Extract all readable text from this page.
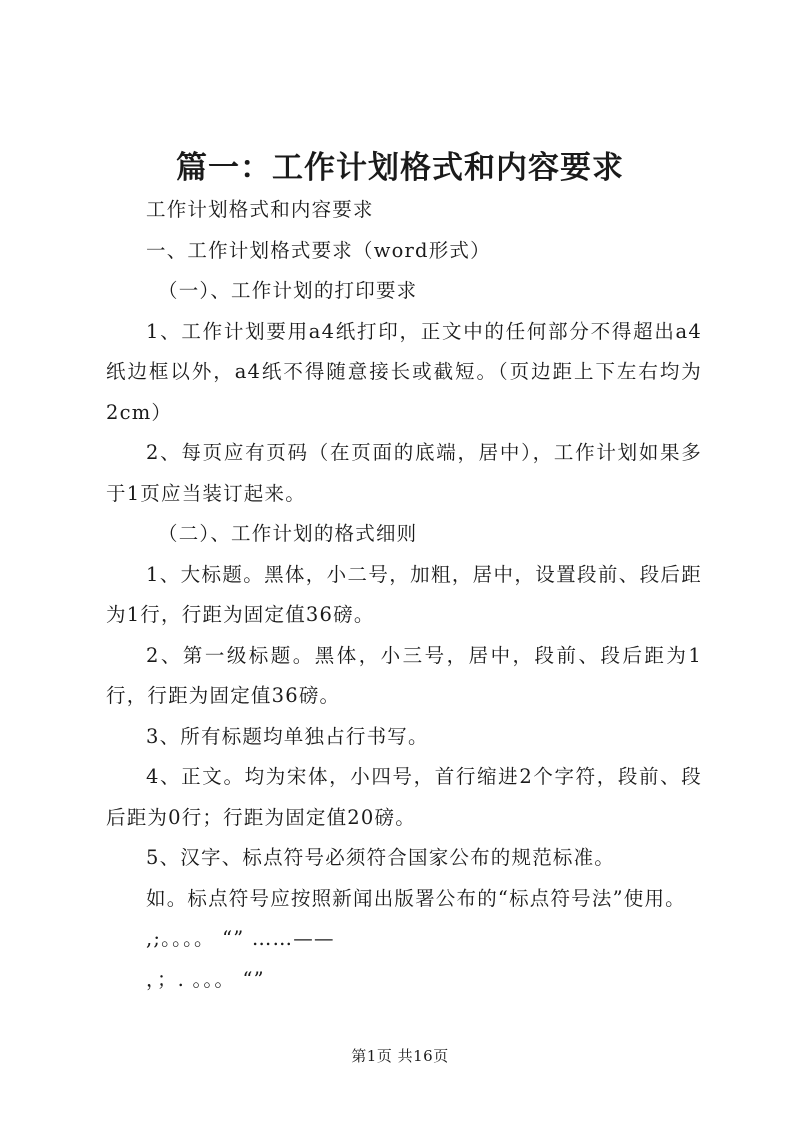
篇一：工作计划格式和内容要求

工作计划格式和内容要求

一、工作计划格式要求（word形式）

（一）、工作计划的打印要求

1、工作计划要用a4纸打印，正文中的任何部分不得超出a4纸边框以外，a4纸不得随意接长或截短。（页边距上下左右均为2cm）

2、每页应有页码（在页面的底端，居中），工作计划如果多于1页应当装订起来。

（二）、工作计划的格式细则

1、大标题。黑体，小二号，加粗，居中，设置段前、段后距为1行，行距为固定值36磅。

2、第一级标题。黑体，小三号，居中，段前、段后距为1行，行距为固定值36磅。

3、所有标题均单独占行书写。

4、正文。均为宋体，小四号，首行缩进2个字符，段前、段后距为0行；行距为固定值20磅。

5、汉字、标点符号必须符合国家公布的规范标准。

如。标点符号应按照新闻出版署公布的“标点符号法”使用。

,;。。。。 “” ……——

，；. 。。。 “”

第1页 共16页
